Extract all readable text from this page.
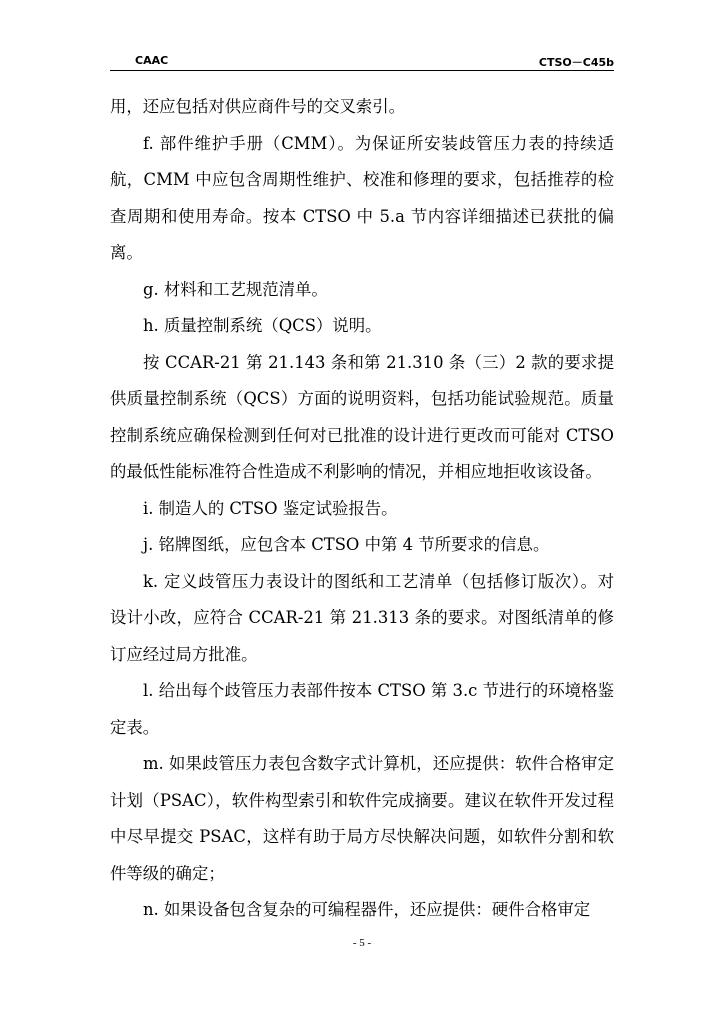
CAAC	CTSO－C45b

用，还应包括对供应商件号的交叉索引。

f. 部件维护手册（CMM）。为保证所安装歧管压力表的持续适航，CMM 中应包含周期性维护、校准和修理的要求，包括推荐的检查周期和使用寿命。按本 CTSO 中 5.a 节内容详细描述已获批的偏离。

g. 材料和工艺规范清单。

h. 质量控制系统（QCS）说明。

按 CCAR-21 第 21.143 条和第 21.310 条（三）2 款的要求提供质量控制系统（QCS）方面的说明资料，包括功能试验规范。质量控制系统应确保检测到任何对已批准的设计进行更改而可能对 CTSO 的最低性能标准符合性造成不利影响的情况，并相应地拒收该设备。

i. 制造人的 CTSO 鉴定试验报告。

j. 铭牌图纸，应包含本 CTSO 中第 4 节所要求的信息。

k. 定义歧管压力表设计的图纸和工艺清单（包括修订版次）。对设计小改，应符合 CCAR-21 第 21.313 条的要求。对图纸清单的修订应经过局方批准。

l. 给出每个歧管压力表部件按本 CTSO 第 3.c 节进行的环境格鉴定表。

m. 如果歧管压力表包含数字式计算机，还应提供：软件合格审定计划（PSAC），软件构型索引和软件完成摘要。建议在软件开发过程中尽早提交 PSAC，这样有助于局方尽快解决问题，如软件分割和软件等级的确定；

n. 如果设备包含复杂的可编程器件，还应提供：硬件合格审定

- 5 -
